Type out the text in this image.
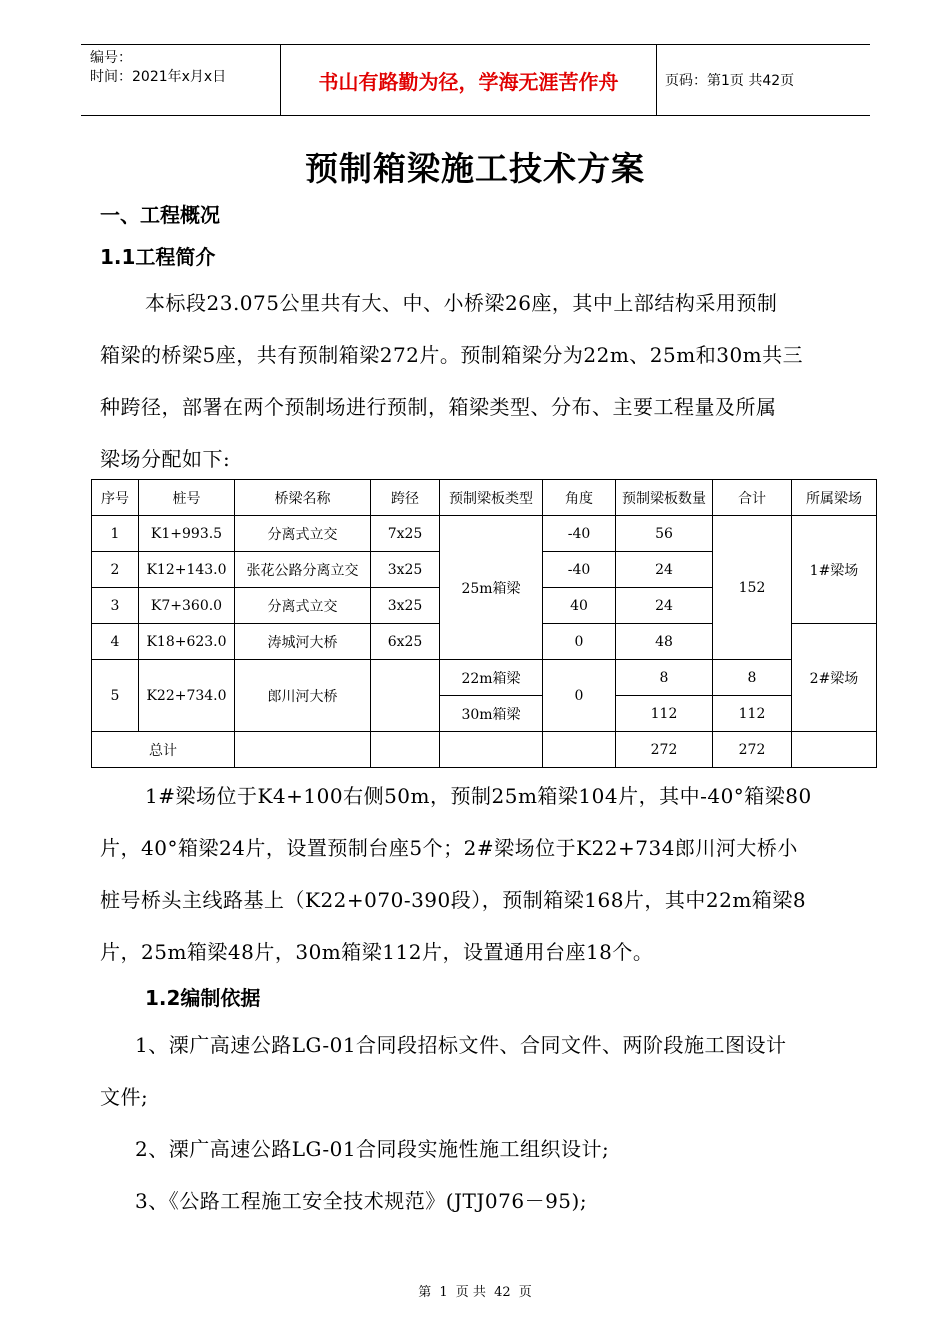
编号：
时间：2021年x月x日	书山有路勤为径，学海无涯苦作舟	页码：第1页 共42页
预制箱梁施工技术方案
一、工程概况
1.1工程简介
本标段23.075公里共有大、中、小桥梁26座，其中上部结构采用预制
箱梁的桥梁5座，共有预制箱梁272片。预制箱梁分为22m、25m和30m共三
种跨径，部署在两个预制场进行预制，箱梁类型、分布、主要工程量及所属
梁场分配如下:
序号	桩号	桥梁名称	跨径	预制梁板类型	角度	预制梁板数量	合计	所属梁场
1	K1+993.5	分离式立交	7x25	25m箱梁	-40	56	152	1#梁场
2	K12+143.0	张花公路分离立交	3x25		-40	24		
3	K7+360.0	分离式立交	3x25		40	24		
4	K18+623.0	涛城河大桥	6x25		0	48		2#梁场
5	K22+734.0	郎川河大桥		22m箱梁	0	8	8	
				30m箱梁		112	112	
总计						272	272	
1#梁场位于K4+100右侧50m，预制25m箱梁104片，其中-40°箱梁80
片，40°箱梁24片，设置预制台座5个；2#梁场位于K22+734郎川河大桥小
桩号桥头主线路基上（K22+070-390段），预制箱梁168片，其中22m箱梁8
片，25m箱梁48片，30m箱梁112片，设置通用台座18个。
1.2编制依据
1、溧广高速公路LG-01合同段招标文件、合同文件、两阶段施工图设计
文件;
2、溧广高速公路LG-01合同段实施性施工组织设计;
3、《公路工程施工安全技术规范》(JTJ076－95);
第 1 页 共 42 页
